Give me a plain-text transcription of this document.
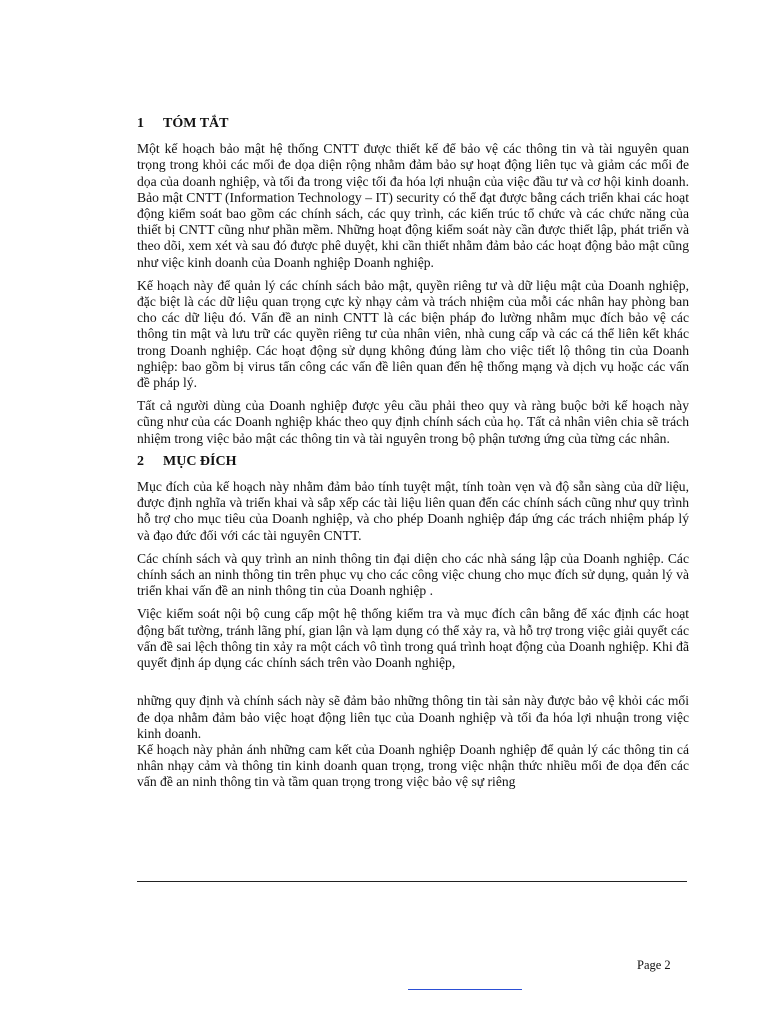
1	TÓM TẮT

Một kế hoạch bảo mật hệ thống CNTT được thiết kế để bảo vệ các thông tin và tài nguyên quan trọng trong khỏi các mối đe dọa diện rộng nhằm đảm bảo sự hoạt động liên tục và giảm các mối đe dọa của doanh nghiệp, và tối đa trong việc tối đa hóa lợi nhuận của việc đầu tư và cơ hội kinh doanh. Bảo mật CNTT (Information Technology – IT) security có thể đạt được bằng cách triển khai các hoạt động kiểm soát bao gồm các chính sách, các quy trình, các kiến trúc tổ chức và các chức năng của thiết bị CNTT cũng như phần mềm. Những hoạt động kiểm soát này cần được thiết lập, phát triển và theo dõi, xem xét và sau đó được phê duyệt, khi cần thiết nhằm đảm bảo các hoạt động bảo mật cũng như việc kinh doanh của Doanh nghiệp Doanh nghiệp.

Kế hoạch này để quản lý các chính sách bảo mật, quyền riêng tư và dữ liệu mật của Doanh nghiệp, đặc biệt là các dữ liệu quan trọng cực kỳ nhạy cảm và trách nhiệm của mỗi các nhân hay phòng ban cho các dữ liệu đó. Vấn đề an ninh CNTT là các biện pháp đo lường nhằm mục đích bảo vệ các thông tin mật và lưu trữ các quyền riêng tư của nhân viên, nhà cung cấp và các cá thể liên kết khác trong Doanh nghiệp. Các hoạt động sử dụng không đúng làm cho việc tiết lộ thông tin của Doanh nghiệp: bao gồm bị virus tấn công các vấn đề liên quan đến hệ thống mạng và dịch vụ hoặc các vấn đề pháp lý.

Tất cả người dùng của Doanh nghiệp được yêu cầu phải theo quy và ràng buộc bởi kế hoạch này cũng như của các Doanh nghiệp khác theo quy định chính sách của họ. Tất cả nhân viên chia sẽ trách nhiệm trong việc bảo mật các thông tin và tài nguyên trong bộ phận tương ứng của từng các nhân.

2	MỤC ĐÍCH

Mục đích của kế hoạch này nhằm đảm bảo tính tuyệt mật, tính toàn vẹn và độ sẵn sàng của dữ liệu, được định nghĩa và triển khai và sắp xếp các tài liệu liên quan đến các chính sách cũng như quy trình hỗ trợ cho mục tiêu của Doanh nghiệp, và cho phép Doanh nghiệp đáp ứng các trách nhiệm pháp lý và đạo đức đối với các tài nguyên CNTT.

Các chính sách và quy trình an ninh thông tin đại diện cho các nhà sáng lập của Doanh nghiệp. Các chính sách an ninh thông tin trên phục vụ cho các công việc chung cho mục đích sử dụng, quản lý và triển khai vấn đề an ninh thông tin của Doanh nghiệp .

Việc kiểm soát nội bộ cung cấp một hệ thống kiểm tra và mục đích cân bằng để xác định các hoạt động bất tường, tránh lãng phí, gian lận và lạm dụng có thể xảy ra, và hỗ trợ trong việc giải quyết các vấn đề sai lệch thông tin xảy ra một cách vô tình trong quá trình hoạt động của Doanh nghiệp. Khi đã quyết định áp dụng các chính sách trên vào Doanh nghiệp,

những quy định và chính sách này sẽ đảm bảo những thông tin tài sản này được bảo vệ khỏi các mối đe dọa nhằm đảm bảo việc hoạt động liên tục của Doanh nghiệp và tối đa hóa lợi nhuận trong việc kinh doanh.

Kế hoạch này phản ánh những cam kết của Doanh nghiệp Doanh nghiệp để quản lý các thông tin cá nhân nhạy cảm và thông tin kinh doanh quan trọng, trong việc nhận thức nhiều mối đe dọa đến các vấn đề an ninh thông tin và tầm quan trọng trong việc bảo vệ sự riêng

Page 2
